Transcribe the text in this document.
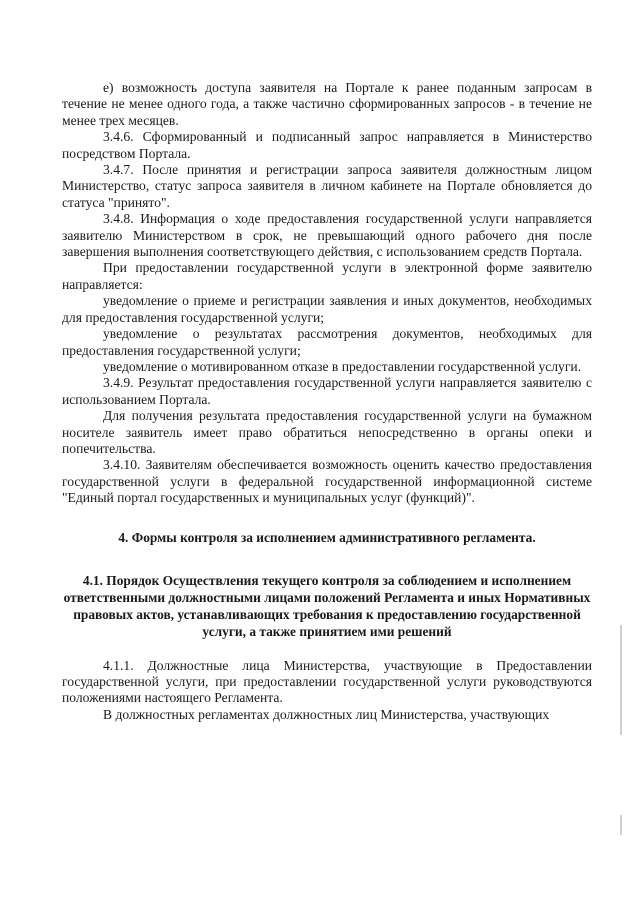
е) возможность доступа заявителя на Портале к ранее поданным запросам в течение не менее одного года, а также частично сформированных запросов - в течение не менее трех месяцев.

3.4.6. Сформированный и подписанный запрос направляется в Министерство посредством Портала.

3.4.7. После принятия и регистрации запроса заявителя должностным лицом Министерство, статус запроса заявителя в личном кабинете на Портале обновляется до статуса "принято".

3.4.8. Информация о ходе предоставления государственной услуги направляется заявителю Министерством в срок, не превышающий одного рабочего дня после завершения выполнения соответствующего действия, с использованием средств Портала.

При предоставлении государственной услуги в электронной форме заявителю направляется:

уведомление о приеме и регистрации заявления и иных документов, необходимых для предоставления государственной услуги;

уведомление о результатах рассмотрения документов, необходимых для предоставления государственной услуги;

уведомление о мотивированном отказе в предоставлении государственной услуги.

3.4.9. Результат предоставления государственной услуги направляется заявителю с использованием Портала.

Для получения результата предоставления государственной услуги на бумажном носителе заявитель имеет право обратиться непосредственно в органы опеки и попечительства.

3.4.10. Заявителям обеспечивается возможность оценить качество предоставления государственной услуги в федеральной государственной информационной системе "Единый портал государственных и муниципальных услуг (функций)".

4. Формы контроля за исполнением административного регламента.

4.1. Порядок Осуществления текущего контроля за соблюдением и исполнением ответственными должностными лицами положений Регламента и иных Нормативных правовых актов, устанавливающих требования к предоставлению государственной услуги, а также принятием ими решений

4.1.1. Должностные лица Министерства, участвующие в Предоставлении государственной услуги, при предоставлении государственной услуги руководствуются положениями настоящего Регламента.

В должностных регламентах должностных лиц Министерства, участвующих
